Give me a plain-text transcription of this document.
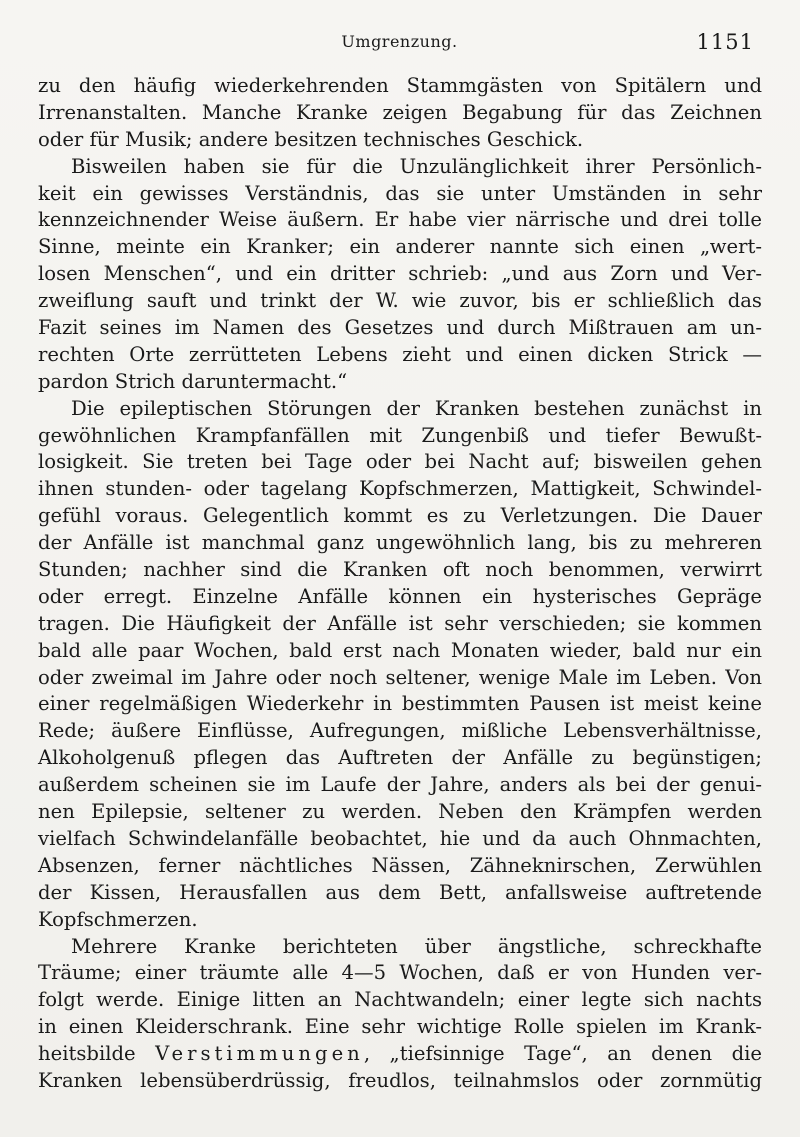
Umgrenzung.	1151
zu den häufig wiederkehrenden Stammgästen von Spitälern und
Irrenanstalten. Manche Kranke zeigen Begabung für das Zeichnen
oder für Musik; andere besitzen technisches Geschick.
Bisweilen haben sie für die Unzulänglichkeit ihrer Persönlich-
keit ein gewisses Verständnis, das sie unter Umständen in sehr
kennzeichnender Weise äußern. Er habe vier närrische und drei tolle
Sinne, meinte ein Kranker; ein anderer nannte sich einen „wert-
losen Menschen“, und ein dritter schrieb: „und aus Zorn und Ver-
zweiflung sauft und trinkt der W. wie zuvor, bis er schließlich das
Fazit seines im Namen des Gesetzes und durch Mißtrauen am un-
rechten Orte zerrütteten Lebens zieht und einen dicken Strick —
pardon Strich daruntermacht.“
Die epileptischen Störungen der Kranken bestehen zunächst in
gewöhnlichen Krampfanfällen mit Zungenbiß und tiefer Bewußt-
losigkeit. Sie treten bei Tage oder bei Nacht auf; bisweilen gehen
ihnen stunden- oder tagelang Kopfschmerzen, Mattigkeit, Schwindel-
gefühl voraus. Gelegentlich kommt es zu Verletzungen. Die Dauer
der Anfälle ist manchmal ganz ungewöhnlich lang, bis zu mehreren
Stunden; nachher sind die Kranken oft noch benommen, verwirrt
oder erregt. Einzelne Anfälle können ein hysterisches Gepräge
tragen. Die Häufigkeit der Anfälle ist sehr verschieden; sie kommen
bald alle paar Wochen, bald erst nach Monaten wieder, bald nur ein
oder zweimal im Jahre oder noch seltener, wenige Male im Leben. Von
einer regelmäßigen Wiederkehr in bestimmten Pausen ist meist keine
Rede; äußere Einflüsse, Aufregungen, mißliche Lebensverhältnisse,
Alkoholgenuß pflegen das Auftreten der Anfälle zu begünstigen;
außerdem scheinen sie im Laufe der Jahre, anders als bei der genui-
nen Epilepsie, seltener zu werden. Neben den Krämpfen werden
vielfach Schwindelanfälle beobachtet, hie und da auch Ohnmachten,
Absenzen, ferner nächtliches Nässen, Zähneknirschen, Zerwühlen
der Kissen, Herausfallen aus dem Bett, anfallsweise auftretende
Kopfschmerzen.
Mehrere Kranke berichteten über ängstliche, schreckhafte
Träume; einer träumte alle 4—5 Wochen, daß er von Hunden ver-
folgt werde. Einige litten an Nachtwandeln; einer legte sich nachts
in einen Kleiderschrank. Eine sehr wichtige Rolle spielen im Krank-
heitsbilde Verstimmungen, „tiefsinnige Tage“, an denen die
Kranken lebensüberdrüssig, freudlos, teilnahmslos oder zornmütig
